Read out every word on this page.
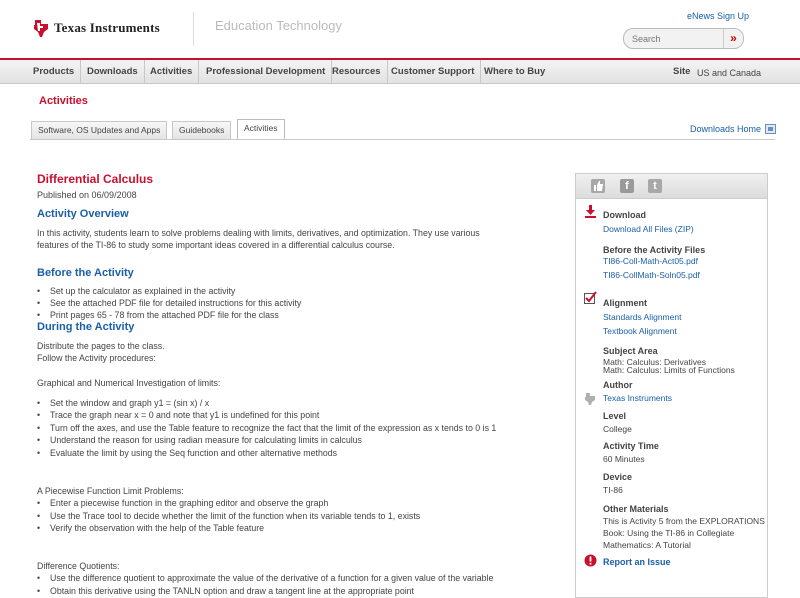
Texas Instruments	Education Technology
eNews Sign Up
Search
»
Products	Downloads	Activities	Professional Development Resources	Customer Support	Where to Buy	Site US and Canada
Activities
Software, OS Updates and Apps	Guidebooks	Activities	Downloads Home
Differential Calculus
Published on 06/09/2008
Activity Overview
In this activity, students learn to solve problems dealing with limits, derivatives, and optimization. They use various
features of the TI-86 to study some important ideas covered in a differential calculus course.
Before the Activity
• Set up the calculator as explained in the activity
• See the attached PDF file for detailed instructions for this activity
• Print pages 65 - 78 from the attached PDF file for the class
During the Activity
Distribute the pages to the class.
Follow the Activity procedures:
Graphical and Numerical Investigation of limits:
• Set the window and graph y1 = (sin x) / x
• Trace the graph near x = 0 and note that y1 is undefined for this point
• Turn off the axes, and use the Table feature to recognize the fact that the limit of the expression as x tends to 0 is 1
• Understand the reason for using radian measure for calculating limits in calculus
• Evaluate the limit by using the Seq function and other alternative methods
A Piecewise Function Limit Problems:
• Enter a piecewise function in the graphing editor and observe the graph
• Use the Trace tool to decide whether the limit of the function when its variable tends to 1, exists
• Verify the observation with the help of the Table feature
Difference Quotients:
• Use the difference quotient to approximate the value of the derivative of a function for a given value of the variable
• Obtain this derivative using the TANLN option and draw a tangent line at the appropriate point
f	t
Download
Download All Files (ZIP)
Before the Activity Files
TI86-Coll-Math-Act05.pdf
TI86-CollMath-Soln05.pdf
Alignment
Standards Alignment
Textbook Alignment
Subject Area
Math: Calculus: Derivatives
Math: Calculus: Limits of Functions
Author
Texas Instruments
Level
College
Activity Time
60 Minutes
Device
TI-86
Other Materials
This is Activity 5 from the EXPLORATIONS
Book: Using the TI-86 in Collegiate
Mathematics: A Tutorial
Report an Issue
